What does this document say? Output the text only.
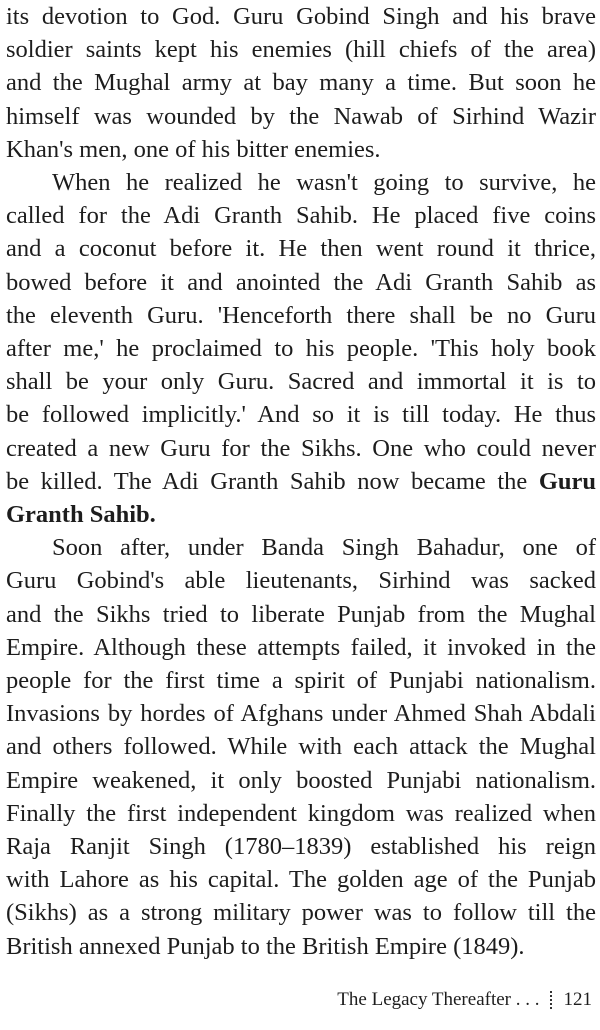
its devotion to God. Guru Gobind Singh and his brave
soldier saints kept his enemies (hill chiefs of the area)
and the Mughal army at bay many a time. But soon he
himself was wounded by the Nawab of Sirhind Wazir
Khan's men, one of his bitter enemies.

When he realized he wasn't going to survive, he
called for the Adi Granth Sahib. He placed five coins
and a coconut before it. He then went round it thrice,
bowed before it and anointed the Adi Granth Sahib as
the eleventh Guru. 'Henceforth there shall be no Guru
after me,' he proclaimed to his people. 'This holy book
shall be your only Guru. Sacred and immortal it is to
be followed implicitly.' And so it is till today. He thus
created a new Guru for the Sikhs. One who could never
be killed. The Adi Granth Sahib now became the Guru
Granth Sahib.

Soon after, under Banda Singh Bahadur, one of
Guru Gobind's able lieutenants, Sirhind was sacked
and the Sikhs tried to liberate Punjab from the Mughal
Empire. Although these attempts failed, it invoked in the
people for the first time a spirit of Punjabi nationalism.
Invasions by hordes of Afghans under Ahmed Shah Abdali
and others followed. While with each attack the Mughal
Empire weakened, it only boosted Punjabi nationalism.
Finally the first independent kingdom was realized when
Raja Ranjit Singh (1780–1839) established his reign
with Lahore as his capital. The golden age of the Punjab
(Sikhs) as a strong military power was to follow till the
British annexed Punjab to the British Empire (1849).

The Legacy Thereafter . . . 121
